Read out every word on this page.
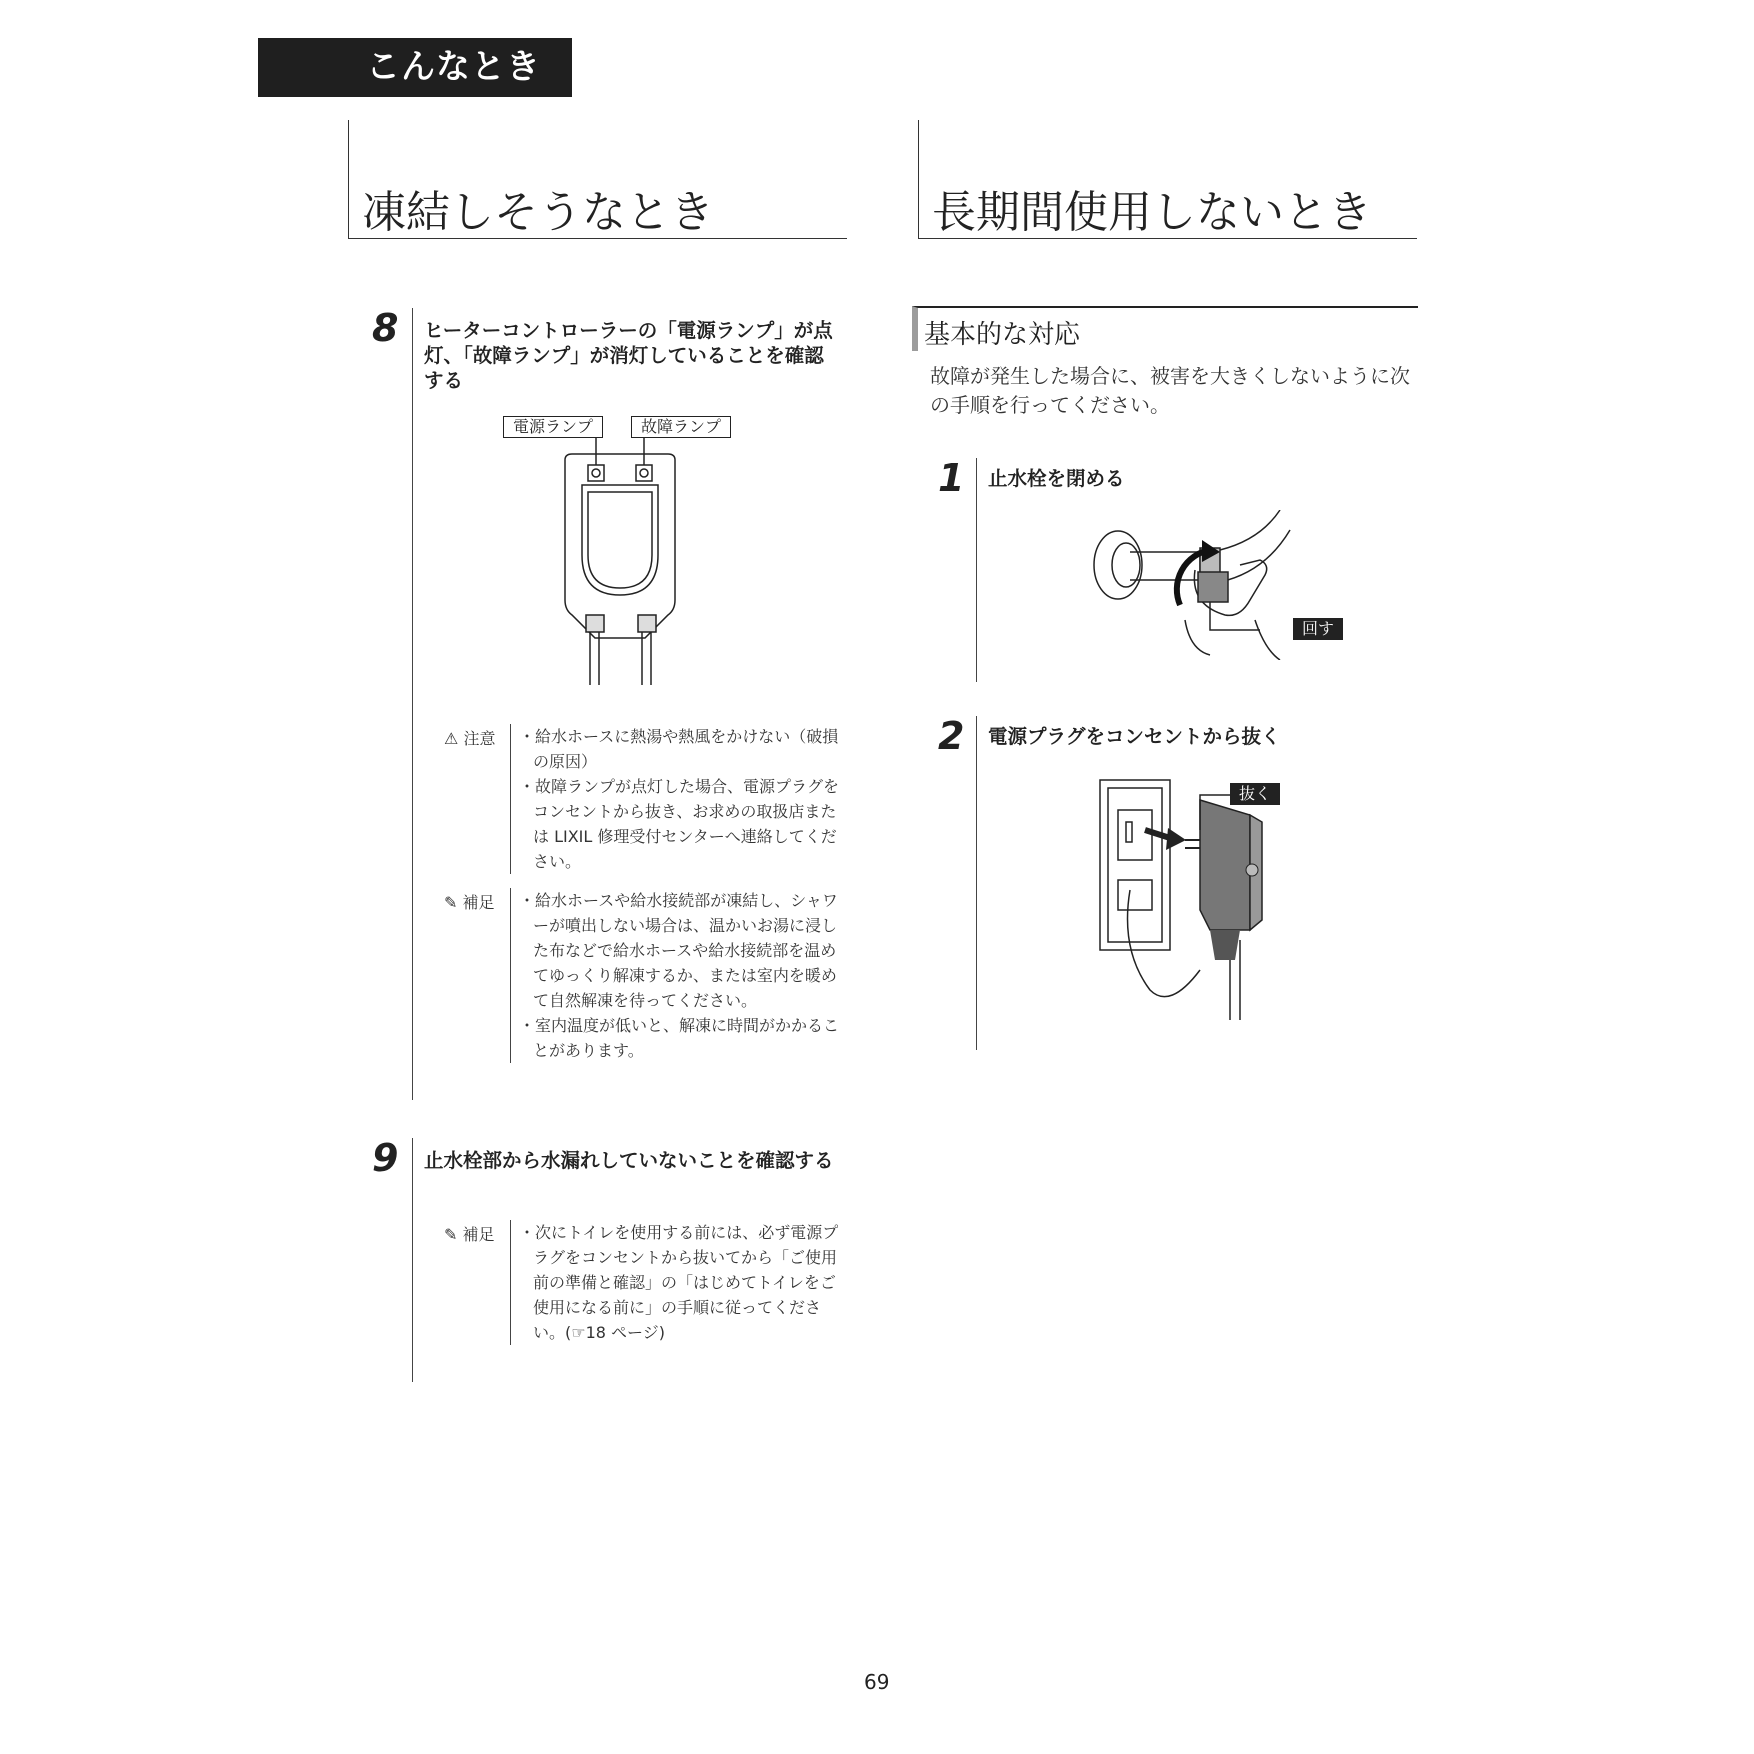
こんなときは
凍結しそうなとき	長期間使用しないとき
8 ヒーターコントローラーの「電源ランプ」が点灯、「故障ランプ」が消灯していることを確認する
電源ランプ	故障ランプ
⚠ 注意 ・給水ホースに熱湯や熱風をかけない（破損の原因）

・故障ランプが点灯した場合、電源プラグをコンセントから抜き、お求めの取扱店または LIXIL 修理受付センターへ連絡してください。

✎ 補足 ・給水ホースや給水接続部が凍結し、シャワーが噴出しない場合は、温かいお湯に浸した布などで給水ホースや給水接続部を温めてゆっくり解凍するか、または室内を暖めて自然解凍を待ってください。

・室内温度が低いと、解凍に時間がかかることがあります。

9 止水栓部から水漏れしていないことを確認する
✎ 補足 ・次にトイレを使用する前には、必ず電源プラグをコンセントから抜いてから「ご使用前の準備と確認」の「はじめてトイレをご使用になる前に」の手順に従ってください。(☞18 ページ)

基本的な対応
故障が発生した場合に、被害を大きくしないように次の手順を行ってください。
1 止水栓を閉める
回す
2 電源プラグをコンセントから抜く
抜く
69
